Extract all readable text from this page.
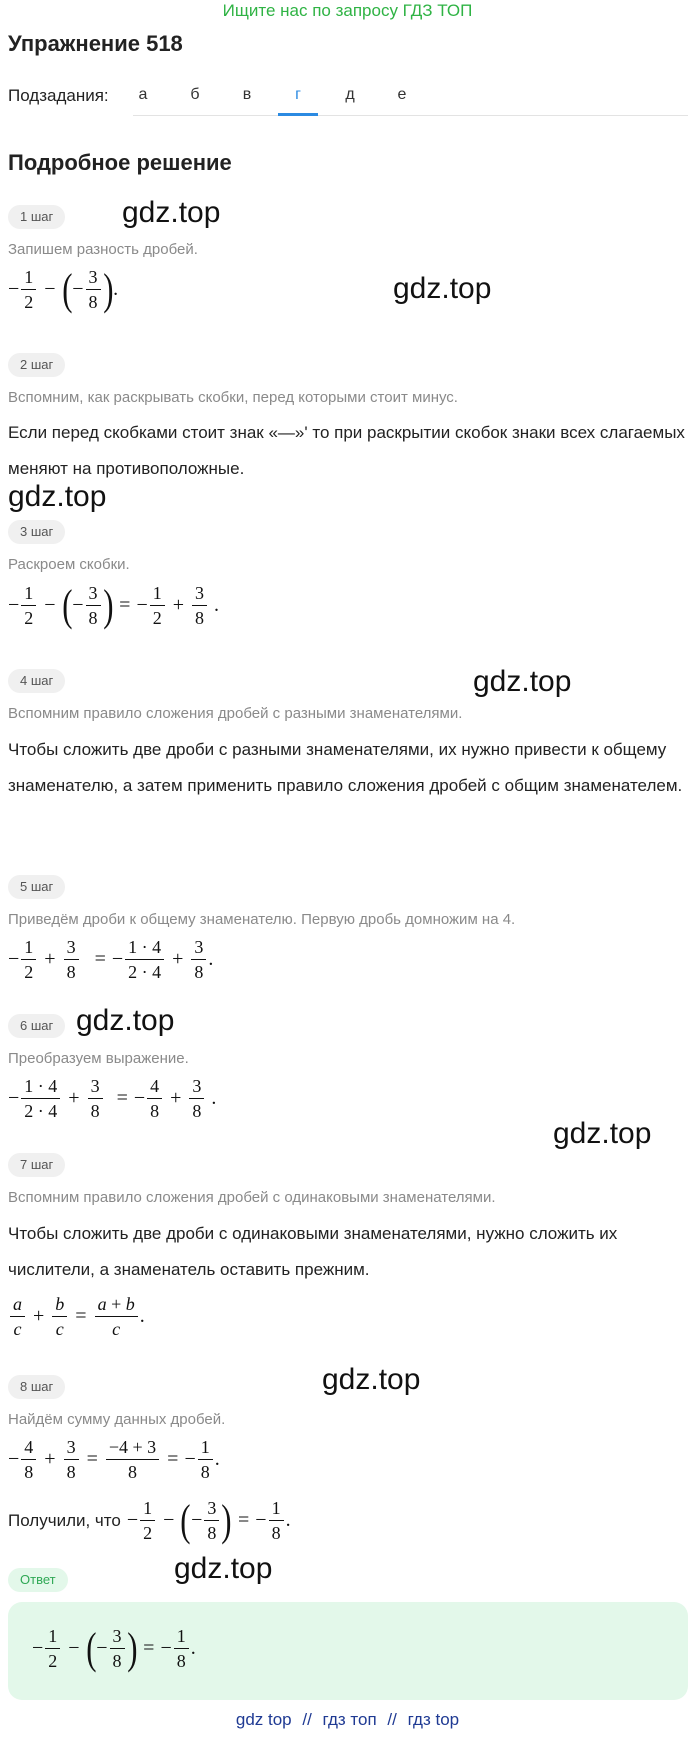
Ищите нас по запросу ГДЗ ТОП
Упражнение 518
Подзадания:	а	б	в	г	д	е
Подробное решение
1 шаг	gdz.top
Запишем разность дробей.
− $\frac{1}{2}$ − ( − $\frac{3}{8}$ ) .	gdz.top
2 шаг
Вспомним, как раскрывать скобки, перед которыми стоит минус.
Если перед скобками стоит знак «—»' то при раскрытии скобок знаки всех слагаемых меняют на противоположные.
gdz.top
3 шаг
Раскроем скобки.
− $\frac{1}{2}$ − ( − $\frac{3}{8}$ ) = − $\frac{1}{2} + \frac{3}{8}$ .
gdz.top
4 шаг
Вспомним правило сложения дробей с разными знаменателями.
Чтобы сложить две дроби с разными знаменателями, их нужно привести к общему знаменателю, а затем применить правило сложения дробей с общим знаменателем.
5 шаг
Приведём дроби к общему знаменателю. Первую дробь домножим на 4.
− $\frac{1}{2} + \frac{3}{8}$ = − $\frac{1 \cdot 4}{2 \cdot 4} + \frac{3}{8}$ .
6 шаг gdz.top
Преобразуем выражение.
− $\frac{1 \cdot 4}{2 \cdot 4} + \frac{3}{8}$ = − $\frac{4}{8} + \frac{3}{8}$ .
gdz.top
7 шаг
Вспомним правило сложения дробей с одинаковыми знаменателями.
Чтобы сложить две дроби с одинаковыми знаменателями, нужно сложить их числители, а знаменатель оставить прежним.
$\frac{a}{c} + \frac{b}{c} = \frac{a + b}{c}$ .
8 шаг	gdz.top
Найдём сумму данных дробей.
− $\frac{4}{8} + \frac{3}{8} = \frac{-4 + 3}{8}$ = − $\frac{1}{8}$ .
Получили, что − $\frac{1}{2}$ − ( − $\frac{3}{8}$ ) = − $\frac{1}{8}$ .
Ответ	gdz.top
− $\frac{1}{2}$ − ( − $\frac{3}{8}$ ) = − $\frac{1}{8}$ .
gdz top // гдз топ // гдз top
